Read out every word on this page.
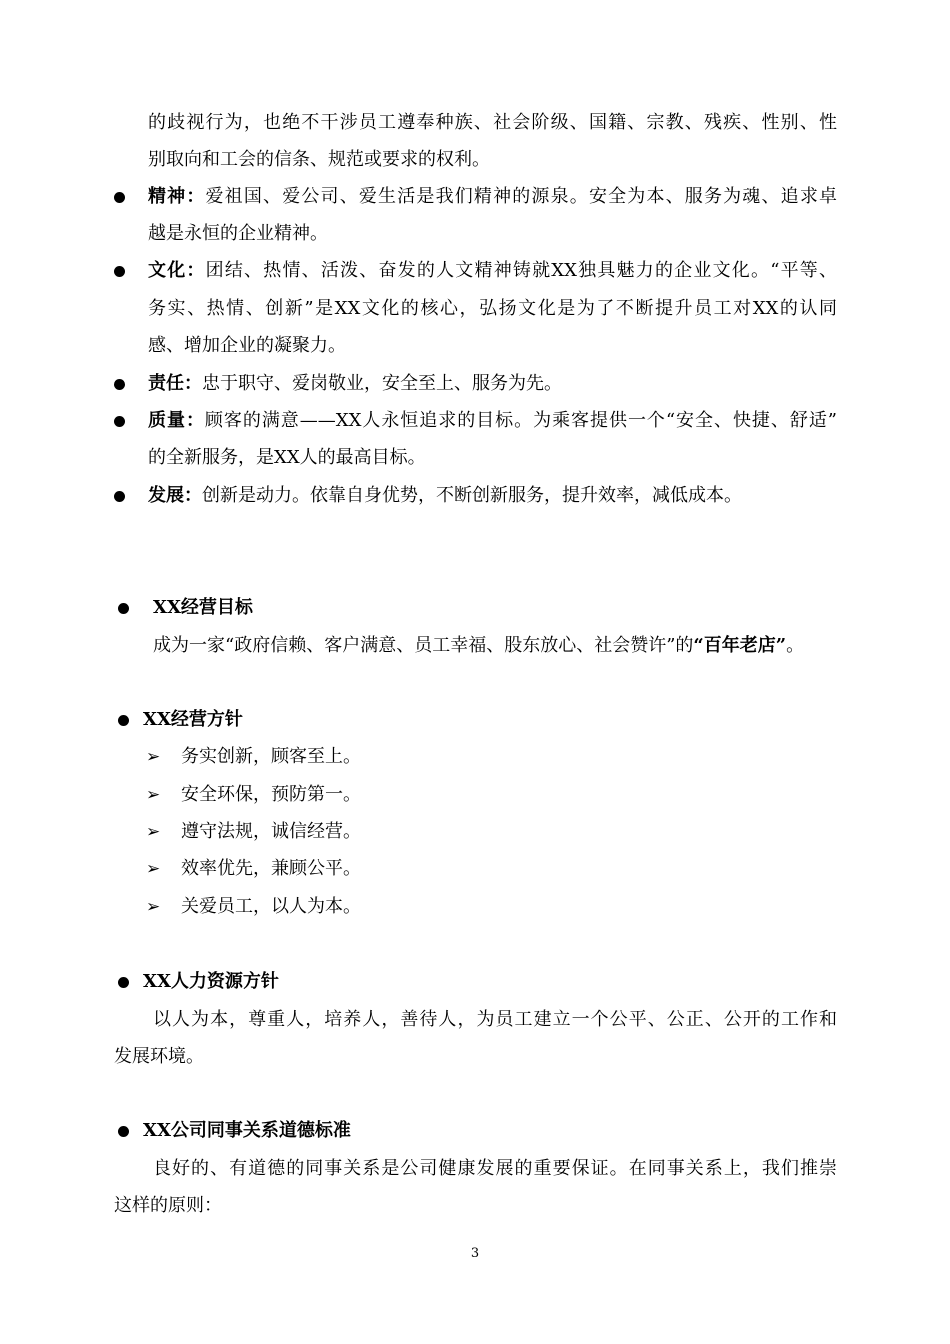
的歧视行为，也绝不干涉员工遵奉种族、社会阶级、国籍、宗教、残疾、性别、性
别取向和工会的信条、规范或要求的权利。
精神：爱祖国、爱公司、爱生活是我们精神的源泉。安全为本、服务为魂、追求卓
越是永恒的企业精神。
文化：团结、热情、活泼、奋发的人文精神铸就XX独具魅力的企业文化。“平等、
务实、热情、创新”是XX文化的核心，弘扬文化是为了不断提升员工对XX的认同
感、增加企业的凝聚力。
责任：忠于职守、爱岗敬业，安全至上、服务为先。
质量：顾客的满意——XX人永恒追求的目标。为乘客提供一个“安全、快捷、舒适”
的全新服务，是XX人的最高目标。
发展：创新是动力。依靠自身优势，不断创新服务，提升效率，减低成本。
XX经营目标
成为一家“政府信赖、客户满意、员工幸福、股东放心、社会赞许”的“百年老店”。
XX经营方针
➢ 务实创新，顾客至上。
➢ 安全环保，预防第一。
➢ 遵守法规，诚信经营。
➢ 效率优先，兼顾公平。
➢ 关爱员工，以人为本。
XX人力资源方针
以人为本，尊重人，培养人，善待人，为员工建立一个公平、公正、公开的工作和
发展环境。
XX公司同事关系道德标准
良好的、有道德的同事关系是公司健康发展的重要保证。在同事关系上，我们推崇
这样的原则：
3
